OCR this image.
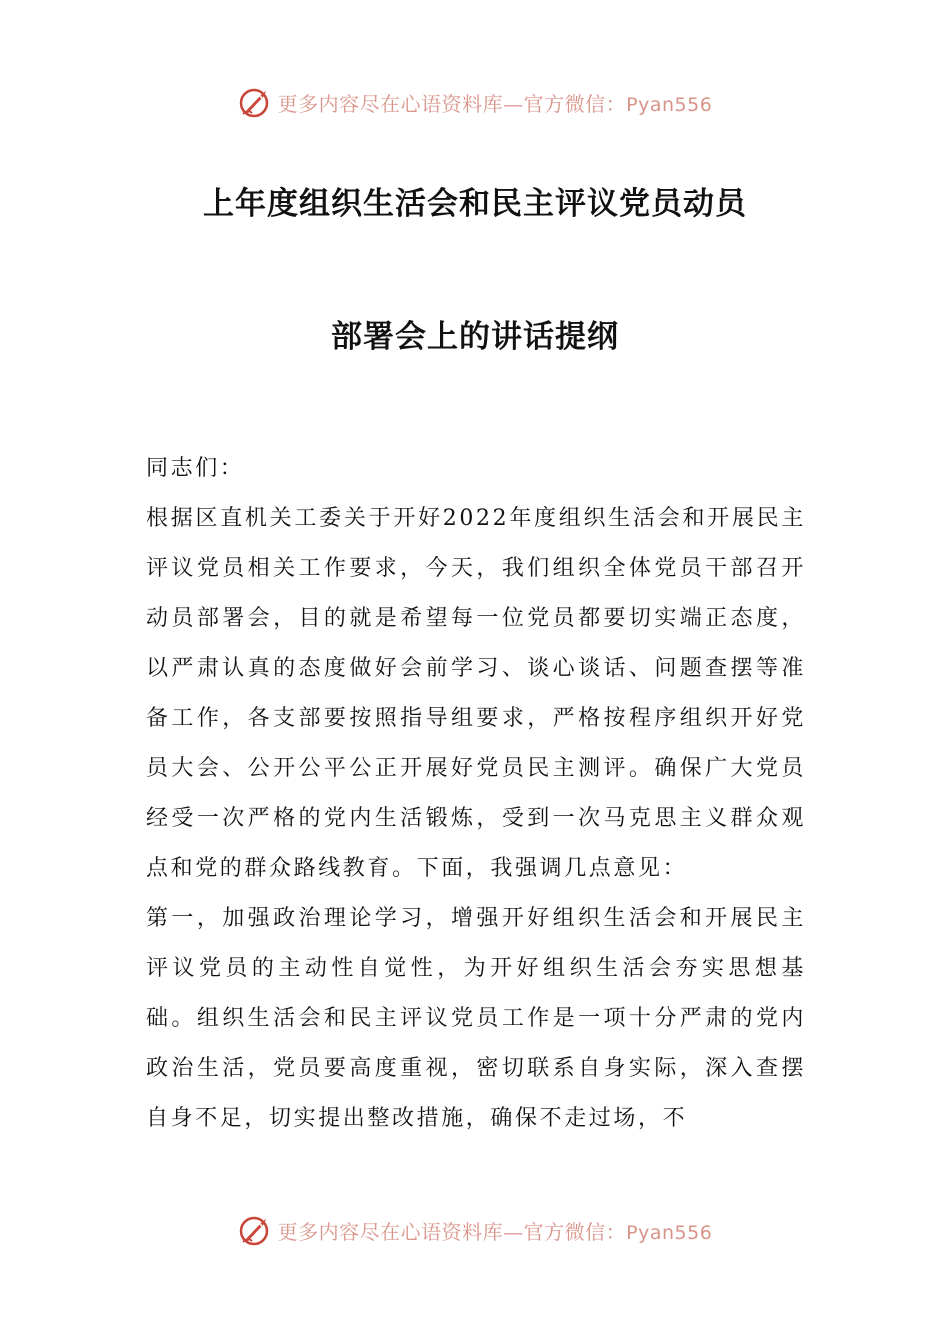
更多内容尽在心语资料库—官方微信：Pyan556
上年度组织生活会和民主评议党员动员
部署会上的讲话提纲

同志们：

根据区直机关工委关于开好2022年度组织生活会和开展民主评议党员相关工作要求，今天，我们组织全体党员干部召开动员部署会，目的就是希望每一位党员都要切实端正态度，以严肃认真的态度做好会前学习、谈心谈话、问题查摆等准备工作，各支部要按照指导组要求，严格按程序组织开好党员大会、公开公平公正开展好党员民主测评。确保广大党员经受一次严格的党内生活锻炼，受到一次马克思主义群众观点和党的群众路线教育。下面，我强调几点意见：

第一，加强政治理论学习，增强开好组织生活会和开展民主评议党员的主动性自觉性，为开好组织生活会夯实思想基础。组织生活会和民主评议党员工作是一项十分严肃的党内政治生活，党员要高度重视，密切联系自身实际，深入查摆自身不足，切实提出整改措施，确保不走过场，不

更多内容尽在心语资料库—官方微信：Pyan556
